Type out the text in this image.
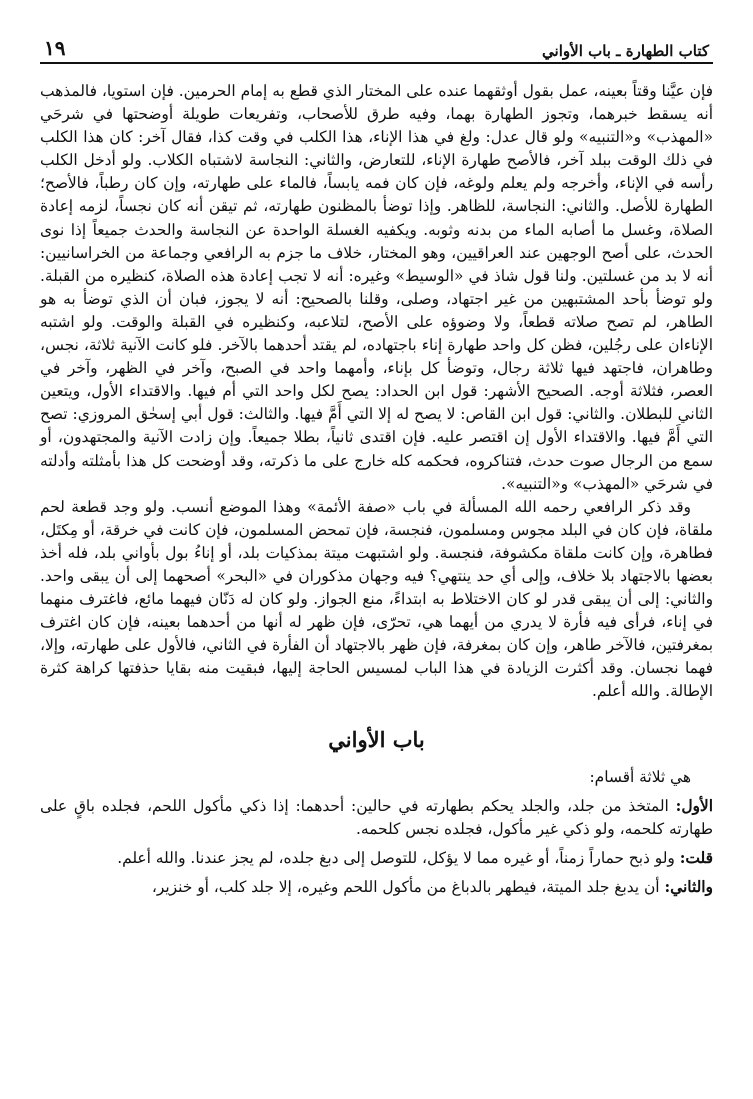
كتاب الطهارة ـ باب الأواني
١٩

فإن عيَّنا وقتاً بعينه، عمل بقول أوثقهما عنده على المختار الذي قطع به إمام الحرمين. فإن استويا، فالمذهب أنه يسقط خبرهما، وتجوز الطهارة بهما، وفيه طرق للأصحاب، وتفريعات طويلة أوضحتها في شرحَي «المهذب» و«التنبيه» ولو قال عدل: ولغ في هذا الإناء، هذا الكلب في وقت كذا، فقال آخر: كان هذا الكلب في ذلك الوقت ببلد آخر، فالأصح طهارة الإناء، للتعارض، والثاني: النجاسة لاشتباه الكلاب. ولو أدخل الكلب رأسه في الإناء، وأخرجه ولم يعلم ولوغه، فإن كان فمه يابساً، فالماء على طهارته، وإن كان رطباً، فالأصح؛ الطهارة للأصل. والثاني: النجاسة، للظاهر. وإذا توضأ بالمظنون طهارته، ثم تيقن أنه كان نجساً، لزمه إعادة الصلاة، وغسل ما أصابه الماء من بدنه وثوبه. ويكفيه الغسلة الواحدة عن النجاسة والحدث جميعاً إذا نوى الحدث، على أصح الوجهين عند العراقيين، وهو المختار، خلاف ما جزم به الرافعي وجماعة من الخراسانيين: أنه لا بد من غسلتين. ولنا قول شاذ في «الوسيط» وغيره: أنه لا تجب إعادة هذه الصلاة، كنظيره من القبلة. ولو توضأ بأحد المشتبهين من غير اجتهاد، وصلى، وقلنا بالصحيح: أنه لا يجوز، فبان أن الذي توضأ به هو الطاهر، لم تصح صلاته قطعاً، ولا وضوؤه على الأصح، لتلاعبه، وكنظيره في القبلة والوقت. ولو اشتبه الإناءان على رجُلين، فظن كل واحد طهارة إناء باجتهاده، لم يقتد أحدهما بالآخر. فلو كانت الآنية ثلاثة، نجس، وطاهران، فاجتهد فيها ثلاثة رجال، وتوضأ كل بإناء، وأمهما واحد في الصبح، وآخر في الظهر، وآخر في العصر، فثلاثة أوجه. الصحيح الأشهر: قول ابن الحداد: يصح لكل واحد التي أم فيها. والاقتداء الأول، ويتعين الثاني للبطلان. والثاني: قول ابن القاص: لا يصح له إلا التي أَمَّ فيها. والثالث: قول أبي إسحٰق المروزي: تصح التي أَمَّ فيها. والاقتداء الأول إن اقتصر عليه. فإن اقتدى ثانياً، بطلا جميعاً. وإن زادت الآنية والمجتهدون، أو سمع من الرجال صوت حدث، فتناكروه، فحكمه كله خارج على ما ذكرته، وقد أوضحت كل هذا بأمثلته وأدلته في شرحَي «المهذب» و«التنبيه».

وقد ذكر الرافعي رحمه الله المسألة في باب «صفة الأئمة» وهذا الموضع أنسب. ولو وجد قطعة لحم ملقاة، فإن كان في البلد مجوس ومسلمون، فنجسة، فإن تمحض المسلمون، فإن كانت في خرقة، أو مِكتَل، فطاهرة، وإن كانت ملقاة مكشوفة، فنجسة. ولو اشتبهت ميتة بمذكيات بلد، أو إناءُ بول بأواني بلد، فله أخذ بعضها بالاجتهاد بلا خلاف، وإلى أي حد ينتهي؟ فيه وجهان مذكوران في «البحر» أصحهما إلى أن يبقى واحد. والثاني: إلى أن يبقى قدر لو كان الاختلاط به ابتداءً، منع الجواز. ولو كان له دَنّان فيهما مائع، فاغترف منهما في إناء، فرأى فيه فأرة لا يدري من أيهما هي، تحرّى، فإن ظهر له أنها من أحدهما بعينه، فإن كان اغترف بمغرفتين، فالآخر طاهر، وإن كان بمغرفة، فإن ظهر بالاجتهاد أن الفأرة في الثاني، فالأول على طهارته، وإلا، فهما نجسان. وقد أكثرت الزيادة في هذا الباب لمسيس الحاجة إليها، فبقيت منه بقايا حذفتها كراهة كثرة الإطالة. والله أعلم.

باب الأواني

هي ثلاثة أقسام:

الأول: المتخذ من جلد، والجلد يحكم بطهارته في حالين: أحدهما: إذا ذكي مأكول اللحم، فجلده باقٍ على طهارته كلحمه، ولو ذكي غير مأكول، فجلده نجس كلحمه.

قلت: ولو ذبح حماراً زمناً، أو غيره مما لا يؤكل، للتوصل إلى دبغ جلده، لم يجز عندنا. والله أعلم.

والثاني: أن يدبغ جلد الميتة، فيطهر بالدباغ من مأكول اللحم وغيره، إلا جلد كلب، أو خنزير،
